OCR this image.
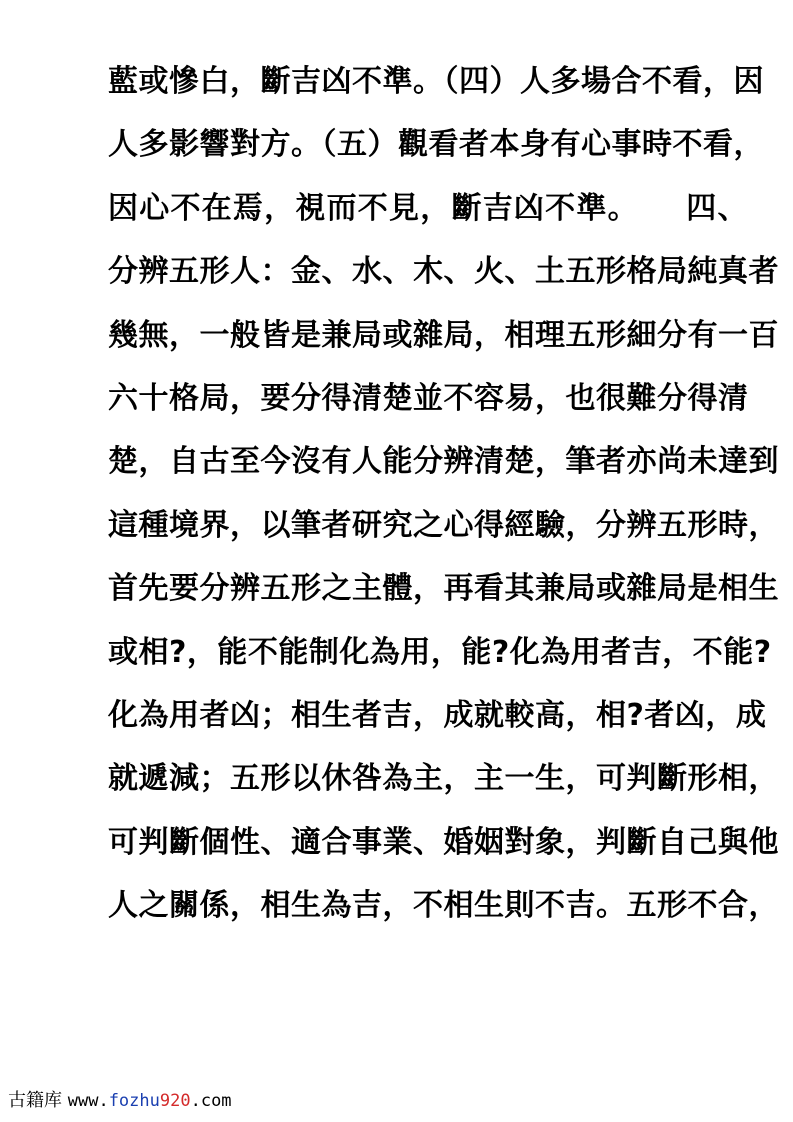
藍或慘白，斷吉凶不準。（四）人多場合不看，因
人多影響對方。（五）觀看者本身有心事時不看，
因心不在焉，視而不見，斷吉凶不準。　　四、
分辨五形人：金、水、木、火、土五形格局純真者
幾無，一般皆是兼局或雜局，相理五形細分有一百
六十格局，要分得清楚並不容易，也很難分得清
楚，自古至今沒有人能分辨清楚，筆者亦尚未達到
這種境界，以筆者研究之心得經驗，分辨五形時，
首先要分辨五形之主體，再看其兼局或雜局是相生
或相?，能不能制化為用，能?化為用者吉，不能?
化為用者凶；相生者吉，成就較高，相?者凶，成
就遞減；五形以休咎為主，主一生，可判斷形相，
可判斷個性、適合事業、婚姻對象，判斷自己與他
人之關係，相生為吉，不相生則不吉。五形不合，
古籍库 www.fozhu920.com
